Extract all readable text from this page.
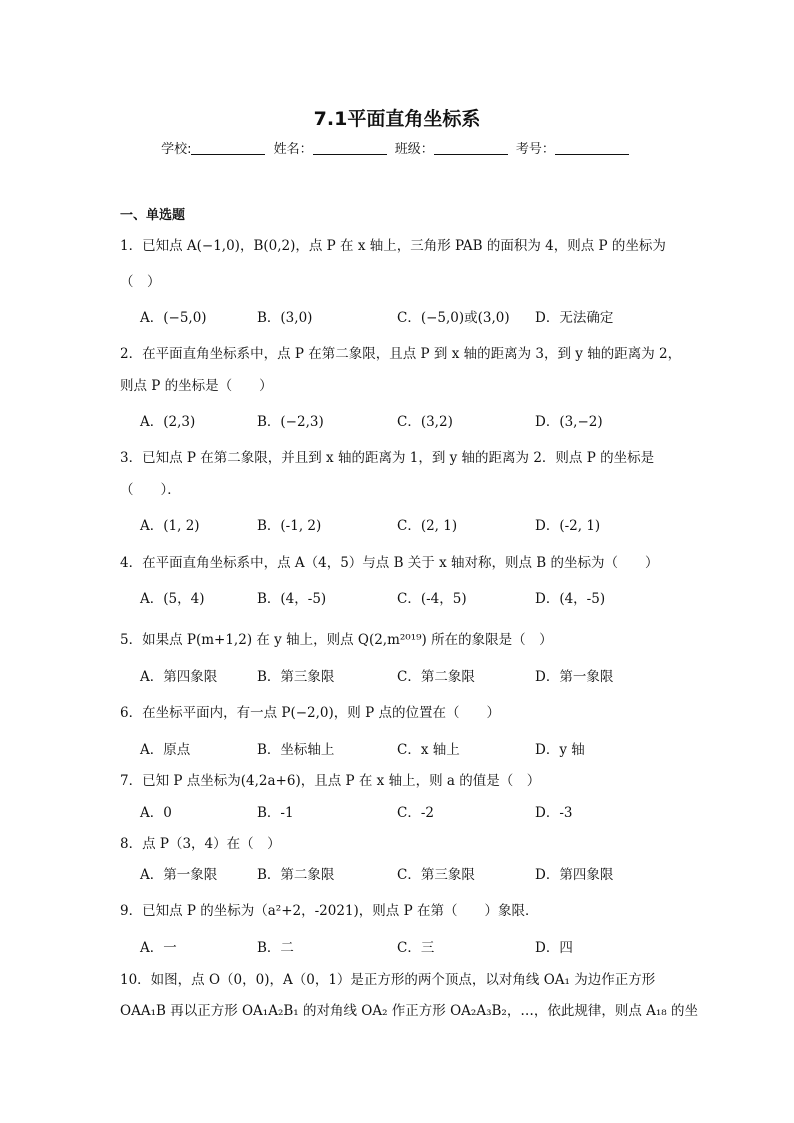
7.1平面直角坐标系
学校:	姓名：	班级：	考号：
一、单选题
1．已知点 A(−1,0)，B(0,2)，点 P 在 x 轴上，三角形 PAB 的面积为 4，则点 P 的坐标为
（　）
A．(−5,0)	B．(3,0)	C．(−5,0)或(3,0) D．无法确定
2．在平面直角坐标系中，点 P 在第二象限，且点 P 到 x 轴的距离为 3，到 y 轴的距离为 2，
则点 P 的坐标是（　　）
A．(2,3)	B．(−2,3)	C．(3,2)	D．(3,−2)
3．已知点 P 在第二象限，并且到 x 轴的距离为 1，到 y 轴的距离为 2．则点 P 的坐标是
（　　）．
A．(1, 2)	B．(-1, 2)	C．(2, 1)	D．(-2, 1)
4．在平面直角坐标系中，点 A（4，5）与点 B 关于 x 轴对称，则点 B 的坐标为（　　）
A．(5，4)	B．(4，-5)	C．(-4，5)	D．(4，-5)
5．如果点 P(m+1,2) 在 y 轴上，则点 Q(2,m²⁰¹⁹) 所在的象限是（　）
A．第四象限	B．第三象限	C．第二象限	D．第一象限
6．在坐标平面内，有一点 P(−2,0)，则 P 点的位置在（　　）
A．原点	B．坐标轴上	C．x 轴上	D．y 轴
7．已知 P 点坐标为(4,2a+6)，且点 P 在 x 轴上，则 a 的值是（　）
A．0	B．-1	C．-2	D．-3
8．点 P（3，4）在（　）
A．第一象限	B．第二象限	C．第三象限	D．第四象限
9．已知点 P 的坐标为（a²+2，-2021)，则点 P 在第（　　）象限．
A．一	B．二	C．三	D．四
10．如图，点 O（0，0)，A（0，1）是正方形的两个顶点，以对角线 OA₁ 为边作正方形
OAA₁B 再以正方形 OA₁A₂B₁ 的对角线 OA₂ 作正方形 OA₂A₃B₂，…，依此规律，则点 A₁₈ 的坐
